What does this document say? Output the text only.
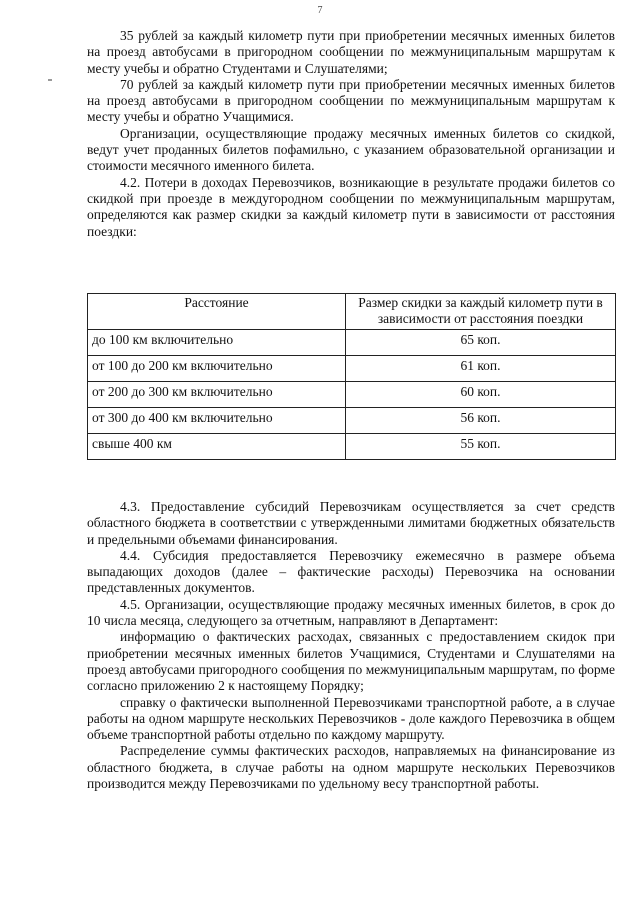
7

35 рублей за каждый километр пути при приобретении месячных именных билетов на проезд автобусами в пригородном сообщении по межмуниципальным маршрутам к месту учебы и обратно Студентами и Слушателями;

70 рублей за каждый километр пути при приобретении месячных именных билетов на проезд автобусами в пригородном сообщении по межмуниципальным маршрутам к месту учебы и обратно Учащимися.

Организации, осуществляющие продажу месячных именных билетов со скидкой, ведут учет проданных билетов пофамильно, с указанием образовательной организации и стоимости месячного именного билета.

4.2. Потери в доходах Перевозчиков, возникающие в результате продажи билетов со скидкой при проезде в междугородном сообщении по межмуниципальным маршрутам, определяются как размер скидки за каждый километр пути в зависимости от расстояния поездки:

Расстояние	Размер скидки за каждый километр пути в зависимости от расстояния поездки
до 100 км включительно	65 коп.
от 100 до 200 км включительно	61 коп.
от 200 до 300 км включительно	60 коп.
от 300 до 400 км включительно	56 коп.
свыше 400 км	55 коп.

4.3. Предоставление субсидий Перевозчикам осуществляется за счет средств областного бюджета в соответствии с утвержденными лимитами бюджетных обязательств и предельными объемами финансирования.

4.4. Субсидия предоставляется Перевозчику ежемесячно в размере объема выпадающих доходов (далее – фактические расходы) Перевозчика на основании представленных документов.

4.5. Организации, осуществляющие продажу месячных именных билетов, в срок до 10 числа месяца, следующего за отчетным, направляют в Департамент:

информацию о фактических расходах, связанных с предоставлением скидок при приобретении месячных именных билетов Учащимися, Студентами и Слушателями на проезд автобусами пригородного сообщения по межмуниципальным маршрутам, по форме согласно приложению 2 к настоящему Порядку;

справку о фактически выполненной Перевозчиками транспортной работе, а в случае работы на одном маршруте нескольких Перевозчиков - доле каждого Перевозчика в общем объеме транспортной работы отдельно по каждому маршруту.

Распределение суммы фактических расходов, направляемых на финансирование из областного бюджета, в случае работы на одном маршруте нескольких Перевозчиков производится между Перевозчиками по удельному весу транспортной работы.
